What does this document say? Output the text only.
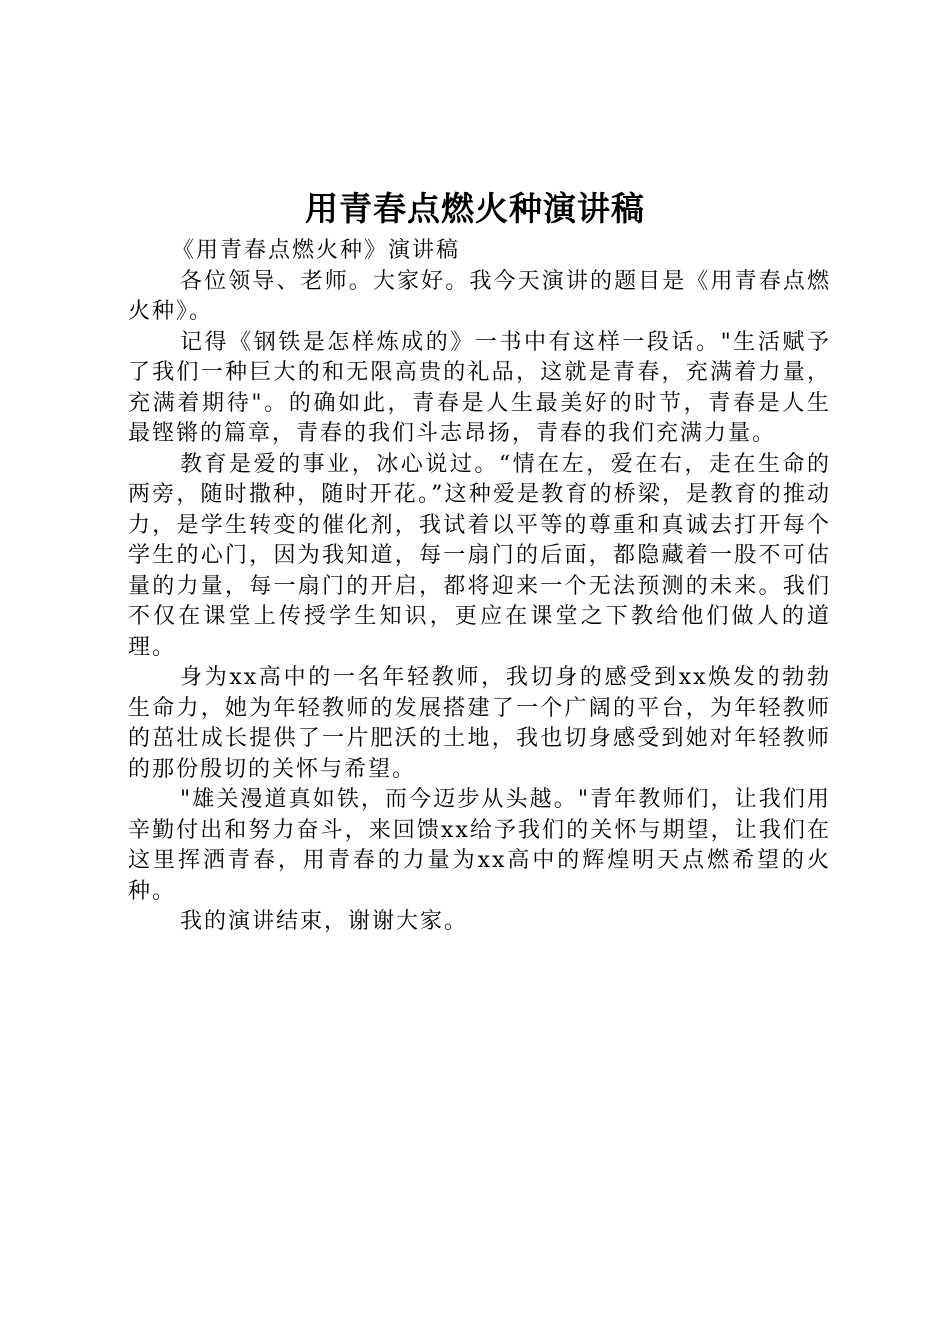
用青春点燃火种演讲稿

《用青春点燃火种》演讲稿

各位领导、老师。大家好。我今天演讲的题目是《用青春点燃火种》。

记得《钢铁是怎样炼成的》一书中有这样一段话。"生活赋予了我们一种巨大的和无限高贵的礼品，这就是青春，充满着力量，充满着期待"。的确如此，青春是人生最美好的时节，青春是人生最铿锵的篇章，青春的我们斗志昂扬，青春的我们充满力量。

教育是爱的事业，冰心说过。“情在左，爱在右，走在生命的两旁，随时撒种，随时开花。”这种爱是教育的桥梁，是教育的推动力，是学生转变的催化剂，我试着以平等的尊重和真诚去打开每个学生的心门，因为我知道，每一扇门的后面，都隐藏着一股不可估量的力量，每一扇门的开启，都将迎来一个无法预测的未来。我们不仅在课堂上传授学生知识，更应在课堂之下教给他们做人的道理。

身为xx高中的一名年轻教师，我切身的感受到xx焕发的勃勃生命力，她为年轻教师的发展搭建了一个广阔的平台，为年轻教师的茁壮成长提供了一片肥沃的土地，我也切身感受到她对年轻教师的那份殷切的关怀与希望。

"雄关漫道真如铁，而今迈步从头越。"青年教师们，让我们用辛勤付出和努力奋斗，来回馈xx给予我们的关怀与期望，让我们在这里挥洒青春，用青春的力量为xx高中的辉煌明天点燃希望的火种。

我的演讲结束，谢谢大家。
